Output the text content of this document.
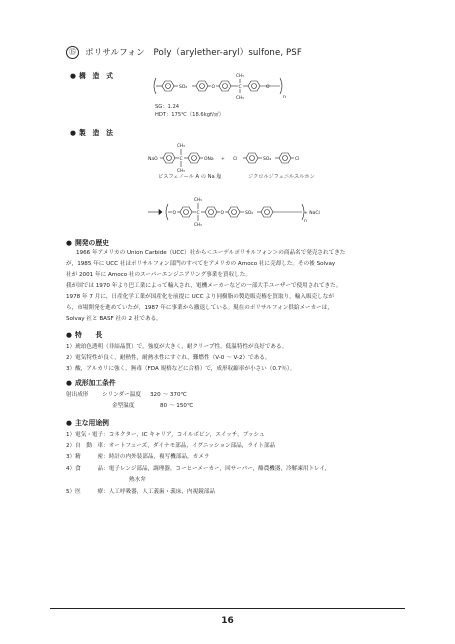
⑮ ポリサルフォン　Poly（arylether-aryl）sulfone, PSF
● 構　造　式
SO₂	O	C
CH₃
CH₃
O
n
SG：1.24
HDT：175℃（18.6kgf/㎠）
● 製　造　法
NaO	C
CH₃
CH₃
ONa + Cl	SO₂	Cl
ビスフェノール A の Na 塩	ジクロルジフェニルスルホン
O	C
CH₃
CH₃
O	SO₂
n
+ NaCl
● 開発の歴史

1966 年アメリカの Union Carbide（UCC）社から＜ユーデルポリサルフォン＞の商品名で発売されてきた

が，1985 年に UCC 社はポリサルフォン部門のすべてをアメリカの Amoco 社に売却した。その後 Solvay

社が 2001 年に Amoco 社のスーパーエンジニアリング事業を買収した。

我が国では 1970 年より巴工業によって輸入され，電機メーカーなどの一部大手ユーザーで使用されてきた。

1978 年 7 月に，日産化学工業が国産化を前提に UCC より同樹脂の製造販売権を買取り，輸入販売しなが

ら，市場開発を進めていたが，1987 年に事業から撤退している。現在のポリサルフォン供給メーカーは，

Solvay 社と BASF 社の 2 社である。

● 特　　長
1）琥珀色透明（非結晶質）で，強度が大きく，耐クリープ性，低温特性が良好である。
2）電気特性が良く，耐熱性，耐熱水性にすぐれ，難燃性（V-0 ～ V-2）である。
3）酸，アルカリに強く，無毒（FDA 規格などに合格）で，成形収縮率が小さい（0.7％）。
● 成形加工条件
射出成形 シリンダー温度 320 ～ 370℃
金型温度	80 ～ 150℃
● 主な用途例
1）電気・電子：コネクター，IC キャリア，コイルボビン，スイッチ，ブッシュ
2）自　動　車：オートフューズ，ダイナモ部品，イグニッション部品，ライト部品
3）精　　　密：時計の内外装部品，複写機部品，カメラ
4）食　　　品：電子レンジ部品，調理器，コーヒーメーカー，回サーバー，酪農機器，冷解凍用トレイ，
熱水弁
5）医　　　療：人工呼吸器，人工義歯・義床，内視鏡部品
16
